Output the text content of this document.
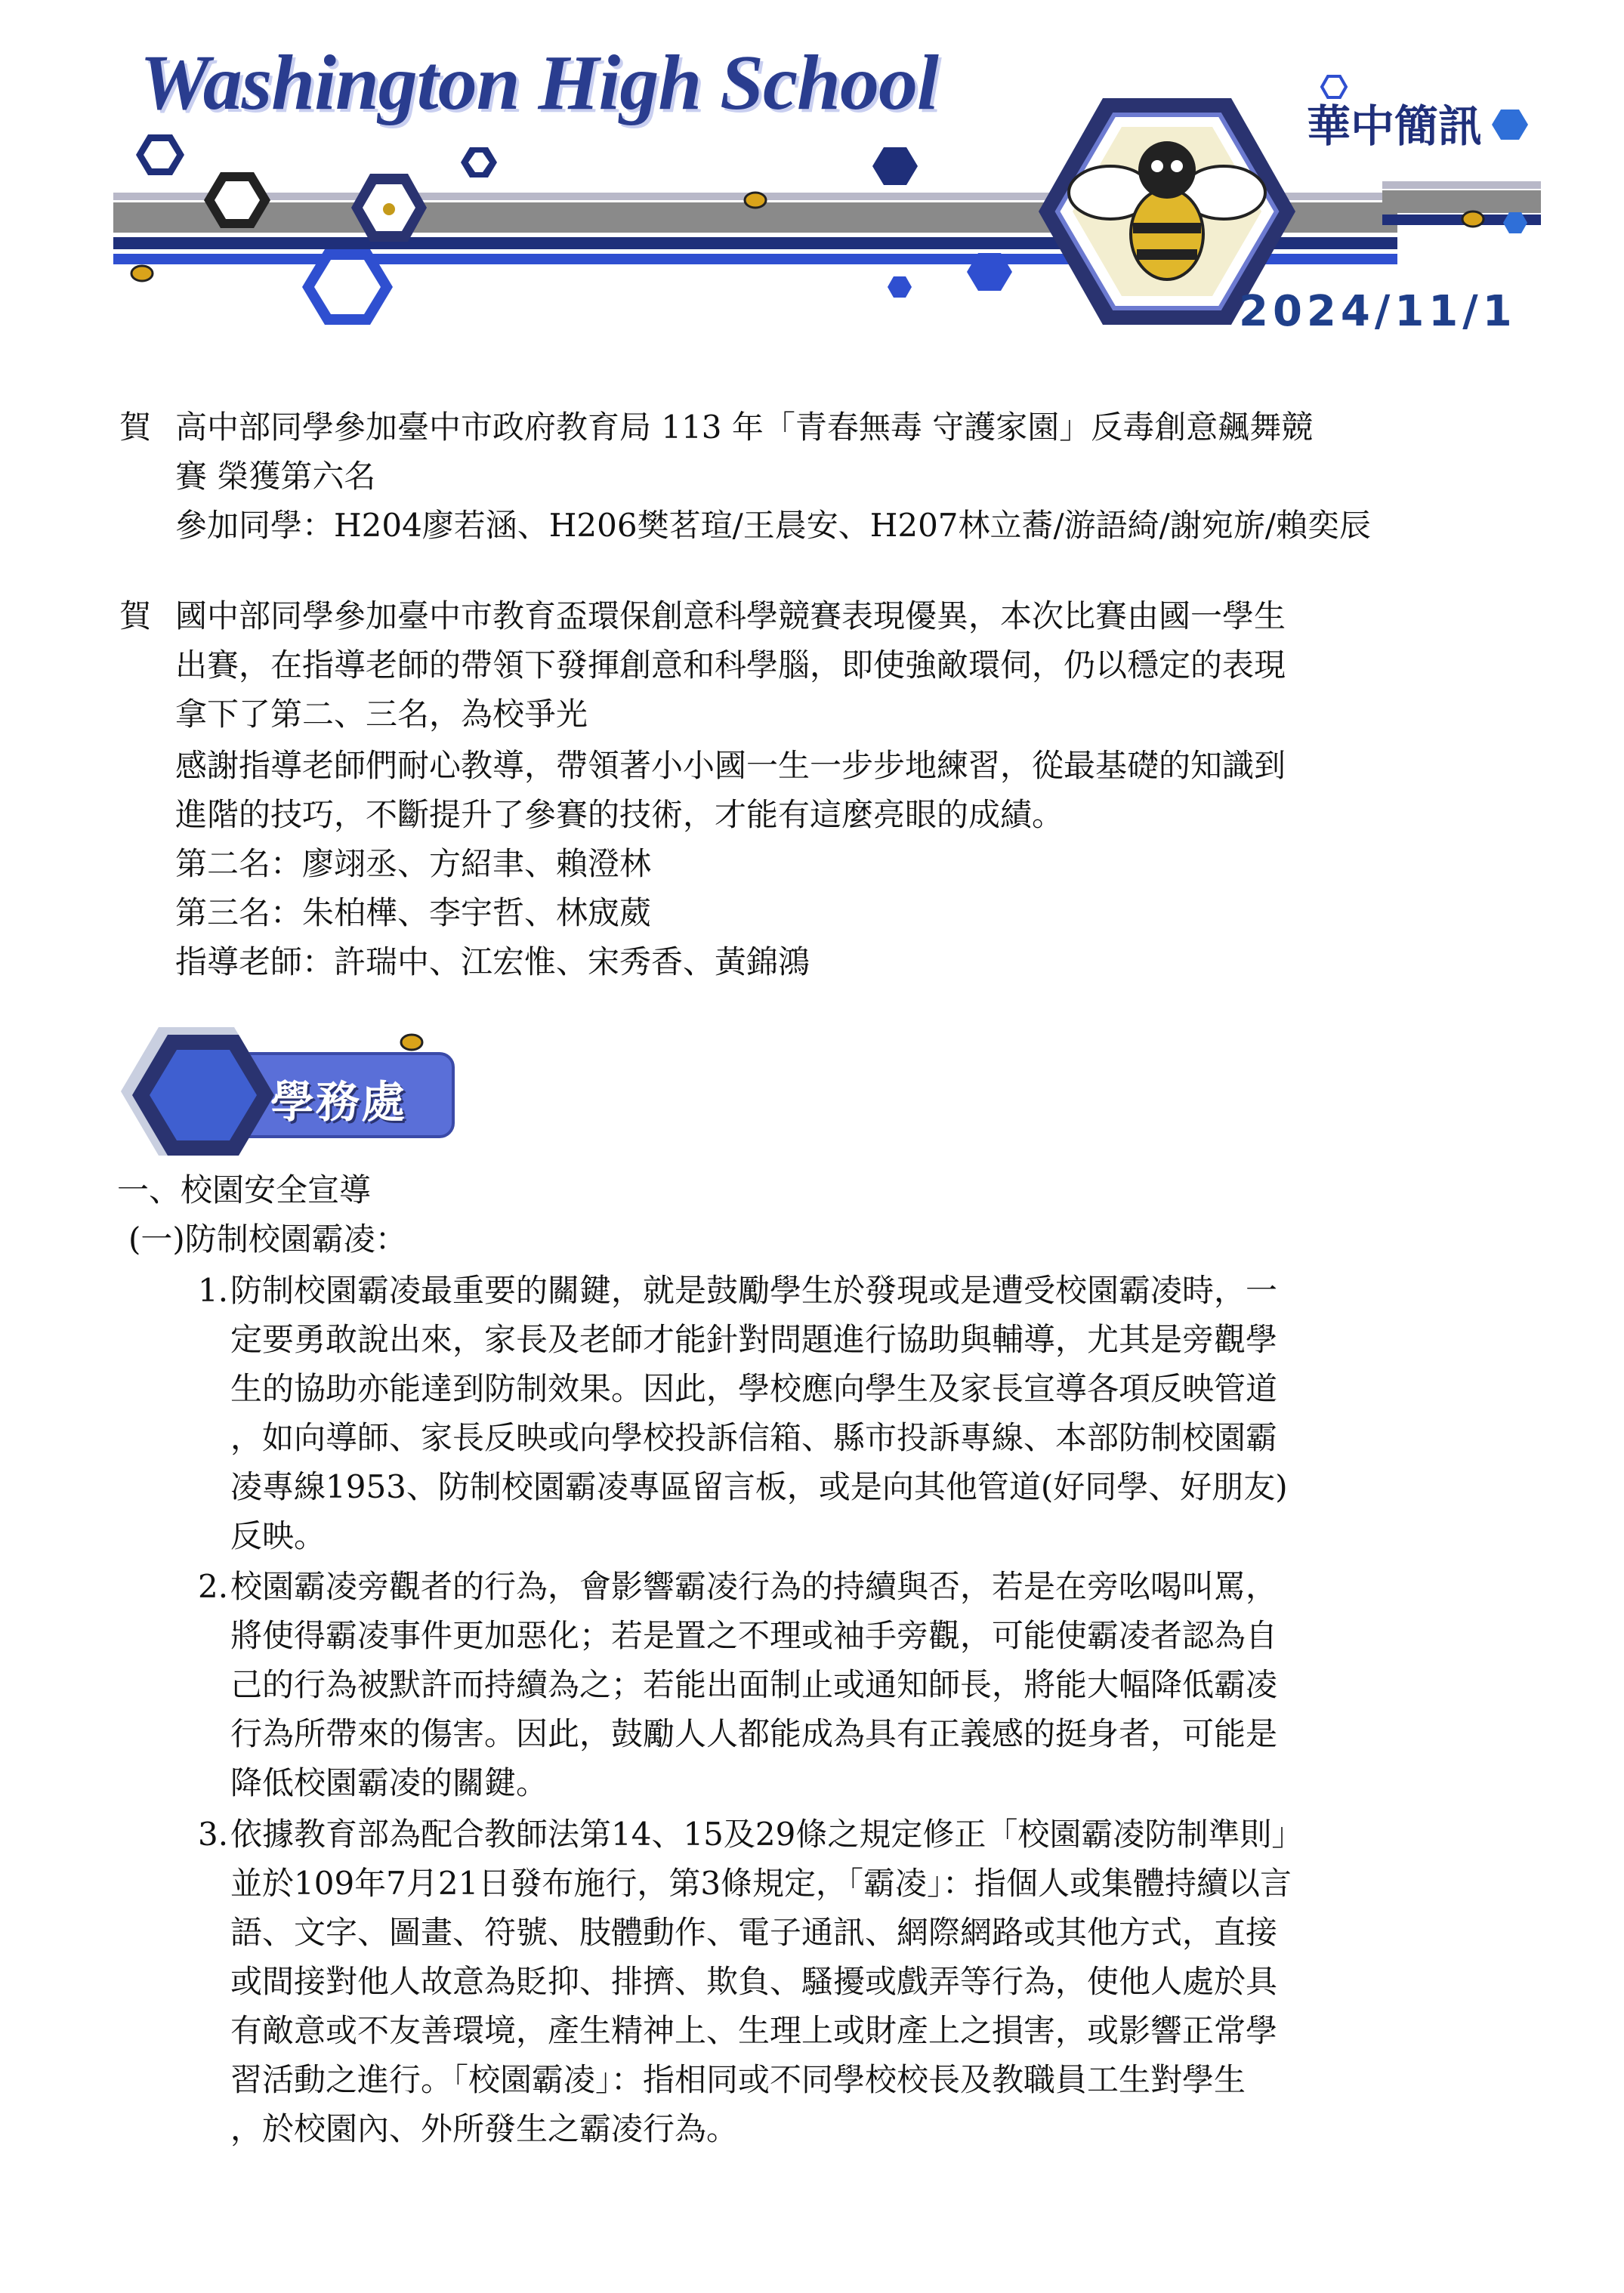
Washington High School	華中簡訊
2024/11/1
賀 高中部同學參加臺中市政府教育局 113 年「青春無毒 守護家園」反毒創意飆舞競
賽 榮獲第六名
參加同學：H204廖若涵、H206樊茗瑄/王晨安、H207林立蕎/游語綺/謝宛旂/賴奕辰
賀 國中部同學參加臺中市教育盃環保創意科學競賽表現優異，本次比賽由國一學生
出賽，在指導老師的帶領下發揮創意和科學腦，即使強敵環伺，仍以穩定的表現
拿下了第二、三名，為校爭光
感謝指導老師們耐心教導，帶領著小小國一生一步步地練習，從最基礎的知識到
進階的技巧，不斷提升了參賽的技術，才能有這麼亮眼的成績。
第二名：廖翊丞、方紹聿、賴澄林
第三名：朱柏樺、李宇哲、林宬葳
指導老師：許瑞中、江宏惟、宋秀香、黃錦鴻
學務處
一、校園安全宣導
(一)防制校園霸凌：
1. 防制校園霸凌最重要的關鍵，就是鼓勵學生於發現或是遭受校園霸凌時，一
定要勇敢說出來，家長及老師才能針對問題進行協助與輔導，尤其是旁觀學
生的協助亦能達到防制效果。因此，學校應向學生及家長宣導各項反映管道
，如向導師、家長反映或向學校投訴信箱、縣市投訴專線、本部防制校園霸
凌專線1953、防制校園霸凌專區留言板，或是向其他管道(好同學、好朋友)
反映。
2. 校園霸凌旁觀者的行為，會影響霸凌行為的持續與否，若是在旁吆喝叫罵，
將使得霸凌事件更加惡化；若是置之不理或袖手旁觀，可能使霸凌者認為自
己的行為被默許而持續為之；若能出面制止或通知師長，將能大幅降低霸凌
行為所帶來的傷害。因此，鼓勵人人都能成為具有正義感的挺身者，可能是
降低校園霸凌的關鍵。
3. 依據教育部為配合教師法第14、15及29條之規定修正「校園霸凌防制準則」
並於109年7月21日發布施行，第3條規定，「霸凌」：指個人或集體持續以言
語、文字、圖畫、符號、肢體動作、電子通訊、網際網路或其他方式，直接
或間接對他人故意為貶抑、排擠、欺負、騷擾或戲弄等行為，使他人處於具
有敵意或不友善環境，產生精神上、生理上或財產上之損害，或影響正常學
習活動之進行。「校園霸凌」：指相同或不同學校校長及教職員工生對學生
，於校園內、外所發生之霸凌行為。
